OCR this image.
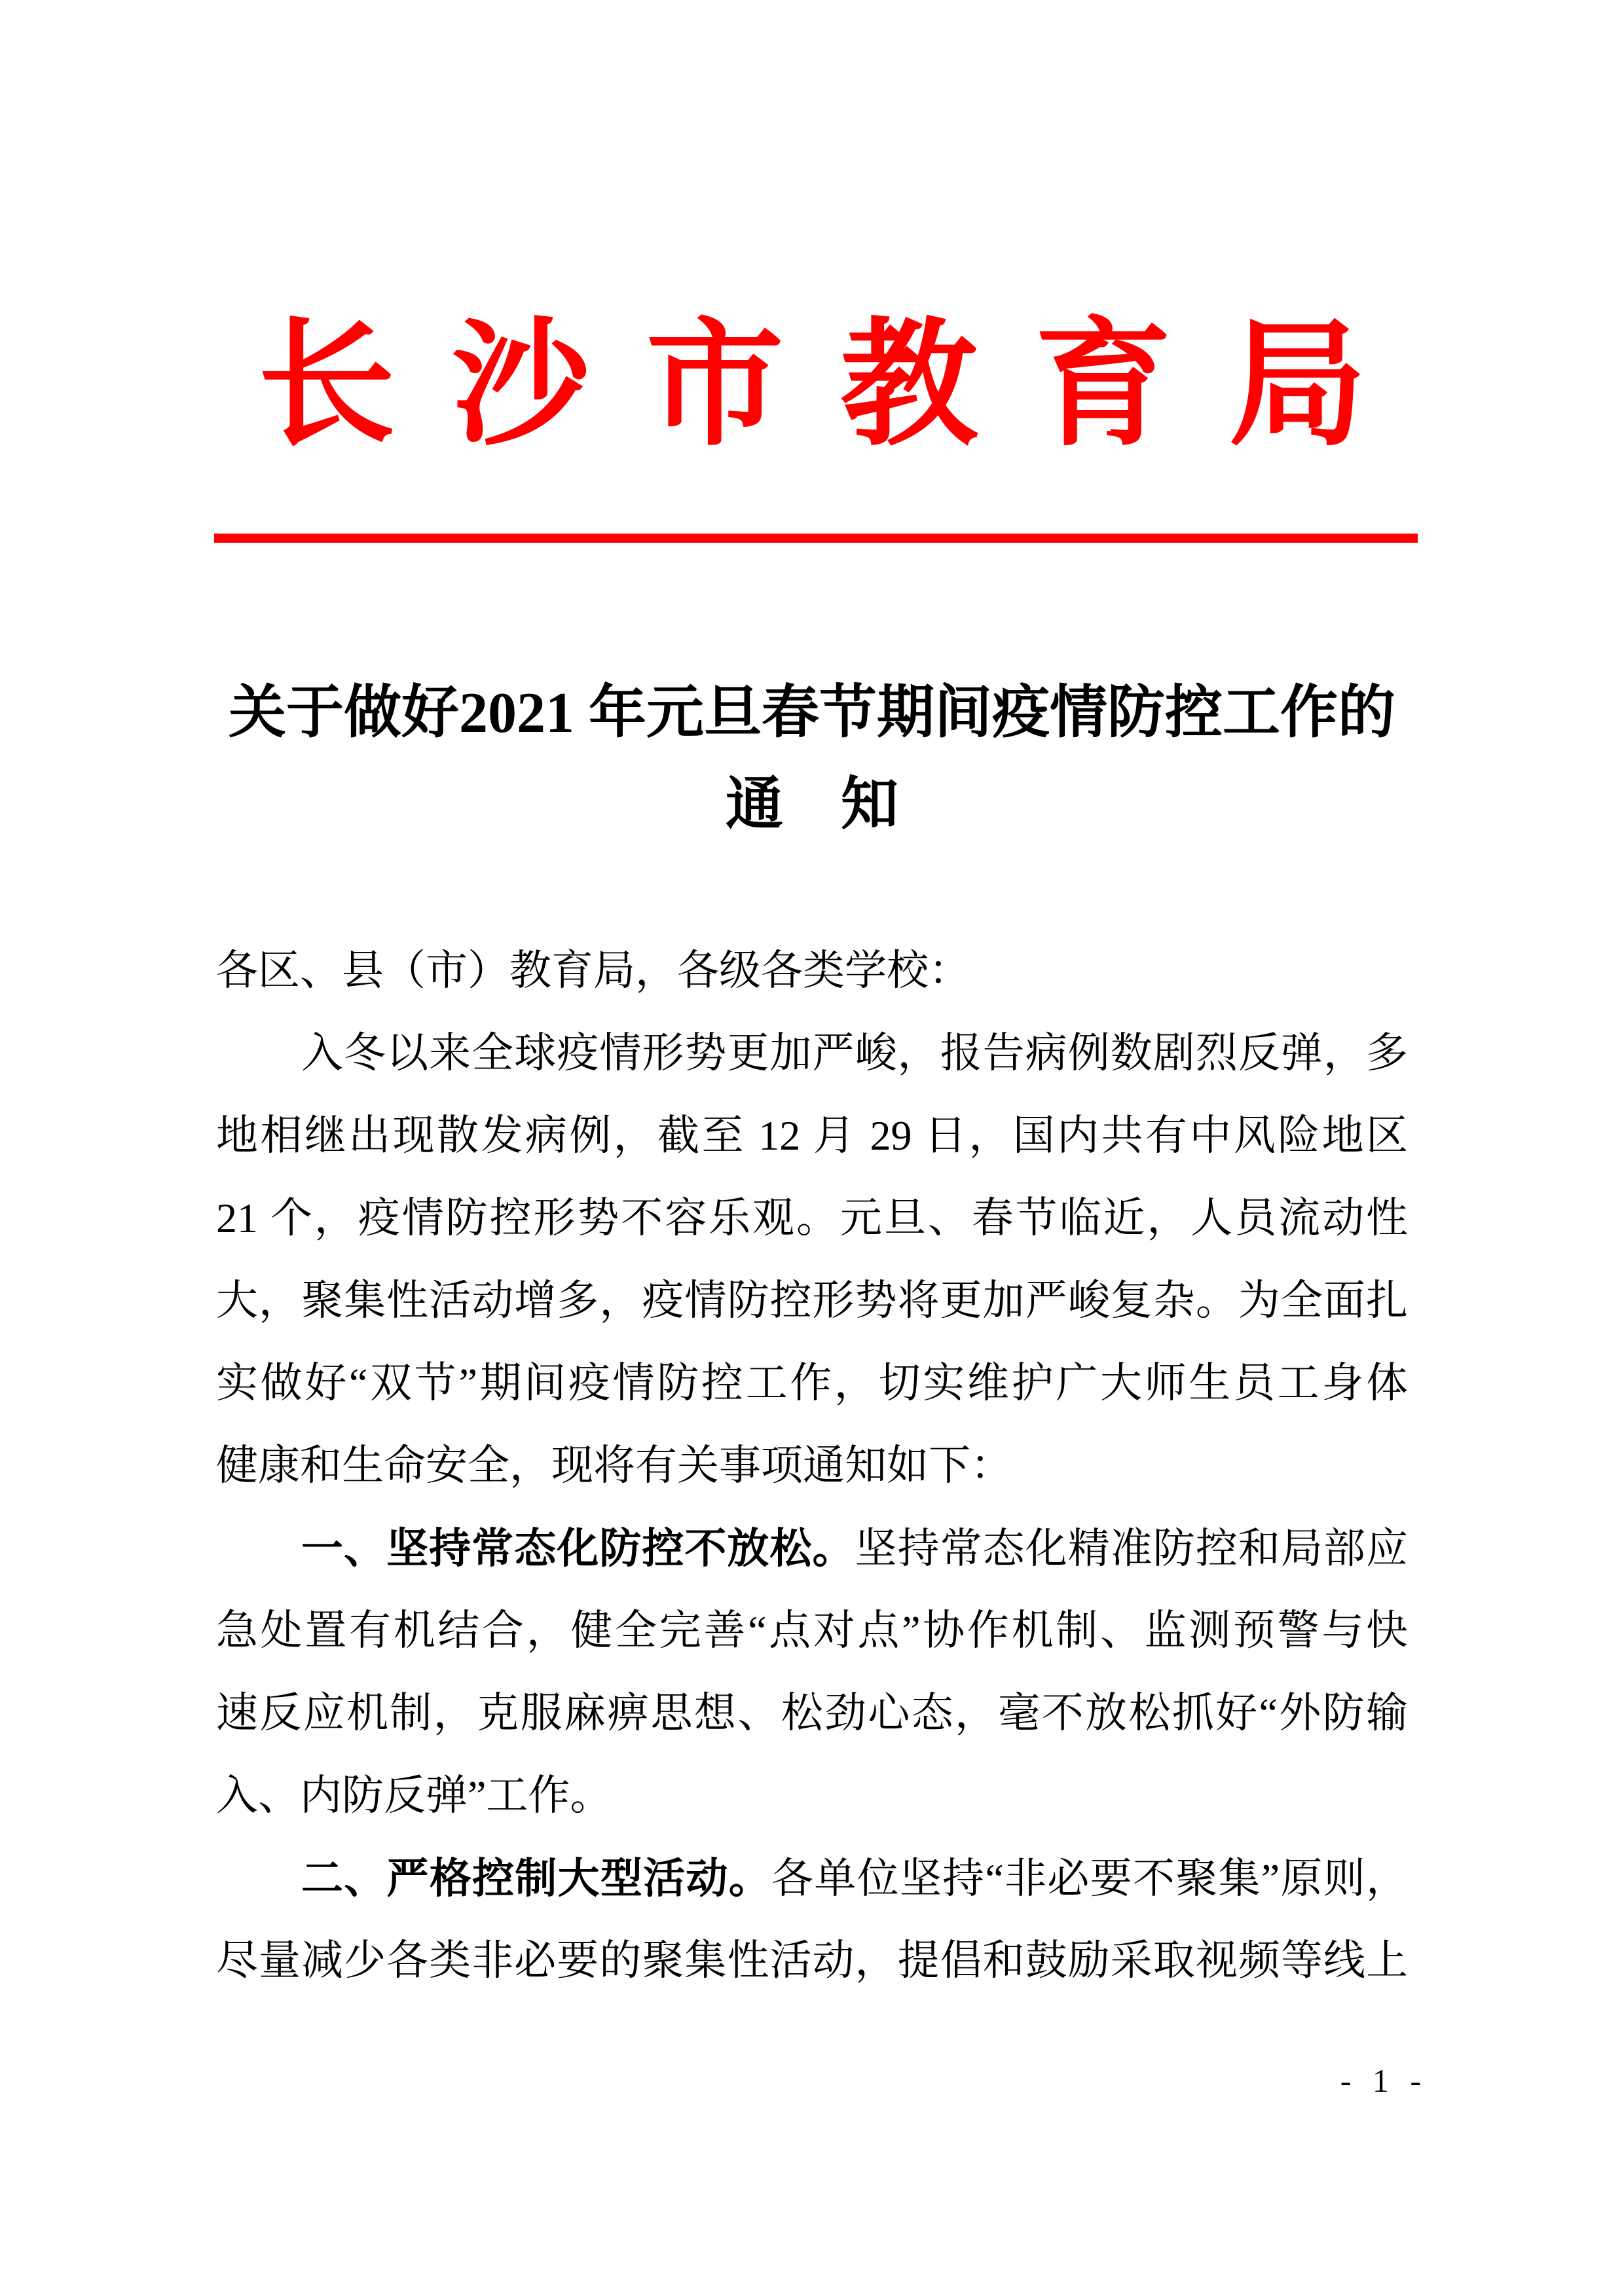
长 沙 市 教 育 局
关于做好2021 年元旦春节期间疫情防控工作的
通　知
各区、县（市）教育局，各级各类学校：
入冬以来全球疫情形势更加严峻，报告病例数剧烈反弹，多
地相继出现散发病例，截至 12 月 29 日，国内共有中风险地区
21 个，疫情防控形势不容乐观。元旦、春节临近，人员流动性
大，聚集性活动增多，疫情防控形势将更加严峻复杂。为全面扎
实做好“双节”期间疫情防控工作，切实维护广大师生员工身体
健康和生命安全，现将有关事项通知如下：
一、坚持常态化防控不放松。坚持常态化精准防控和局部应
急处置有机结合，健全完善“点对点”协作机制、监测预警与快
速反应机制，克服麻痹思想、松劲心态，毫不放松抓好“外防输
入、内防反弹”工作。
二、严格控制大型活动。各单位坚持“非必要不聚集”原则，
尽量减少各类非必要的聚集性活动，提倡和鼓励采取视频等线上
- 1 -
